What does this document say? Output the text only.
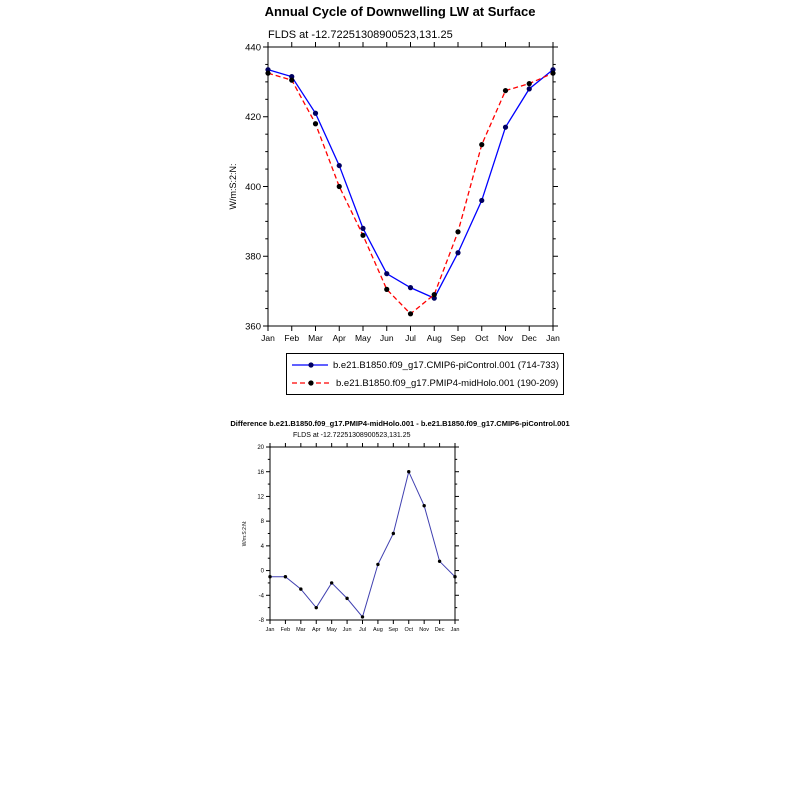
Annual Cycle of Downwelling LW at Surface
FLDS at -12.72251308900523,131.25
Jan Feb Mar Apr May Jun Jul Aug Sep Oct Nov Dec Jan
360
380
400
420
440
W/m:S:2:N:
b.e21.B1850.f09_g17.CMIP6-piControl.001 (714-733)
b.e21.B1850.f09_g17.PMIP4-midHolo.001 (190-209)
Difference b.e21.B1850.f09_g17.PMIP4-midHolo.001 - b.e21.B1850.f09_g17.CMIP6-piControl.001
FLDS at -12.72251308900523,131.25
Jan Feb Mar Apr May Jun Jul Aug Sep Oct Nov Dec Jan
-8
-4
0
4
8
12
16
20
W/m:S:2:N:
